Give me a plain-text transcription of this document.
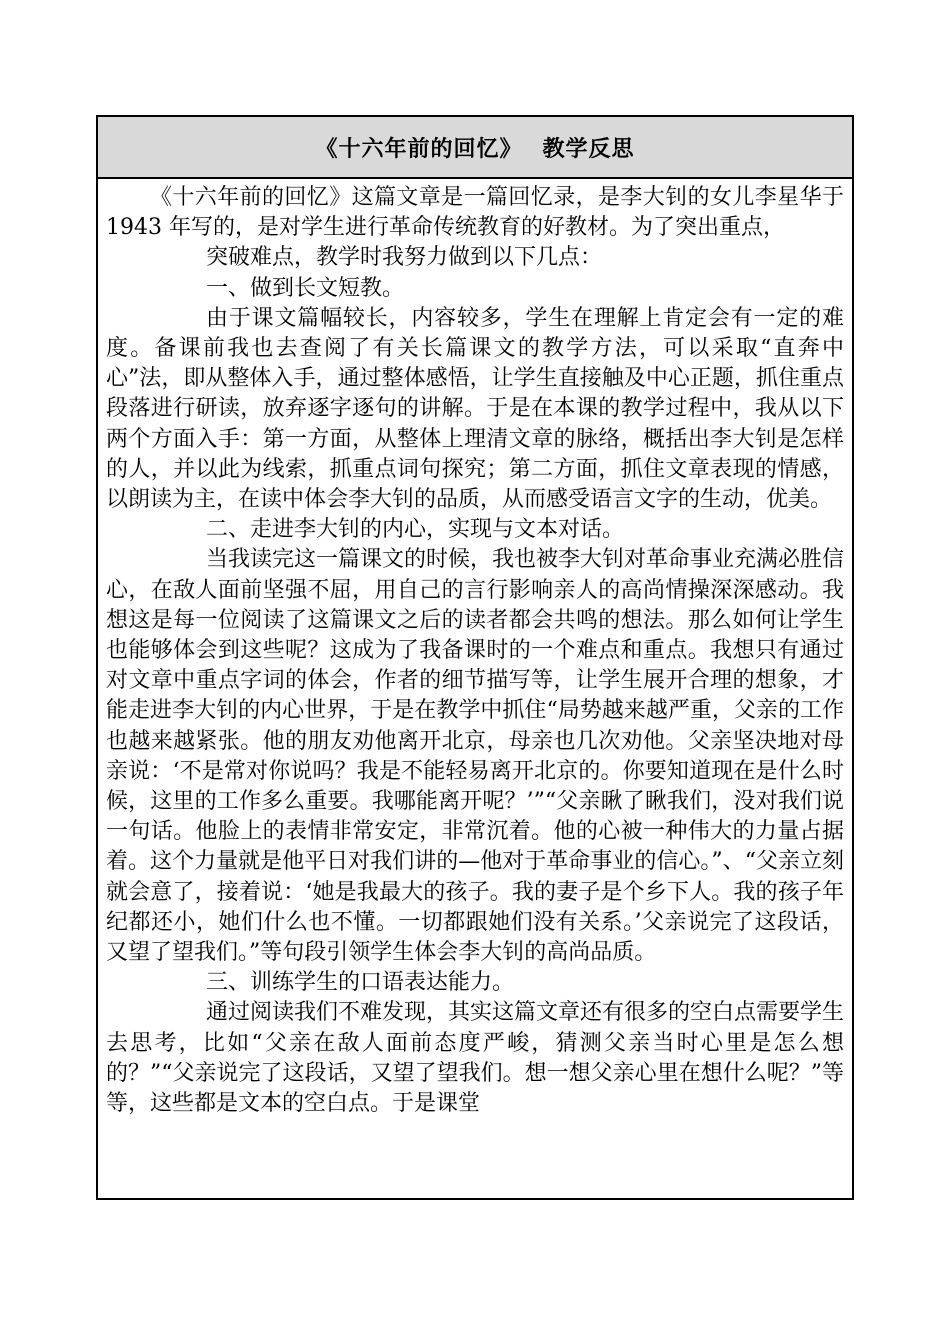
《十六年前的回忆》 教学反思

《十六年前的回忆》这篇文章是一篇回忆录，是李大钊的女儿李星华于 1943 年写的，是对学生进行革命传统教育的好教材。为了突出重点，

突破难点，教学时我努力做到以下几点：

一、做到长文短教。

由于课文篇幅较长，内容较多，学生在理解上肯定会有一定的难度。备课前我也去查阅了有关长篇课文的教学方法，可以采取“直奔中心”法，即从整体入手，通过整体感悟，让学生直接触及中心正题，抓住重点段落进行研读，放弃逐字逐句的讲解。于是在本课的教学过程中，我从以下两个方面入手：第一方面，从整体上理清文章的脉络，概括出李大钊是怎样的人，并以此为线索，抓重点词句探究；第二方面，抓住文章表现的情感，以朗读为主，在读中体会李大钊的品质，从而感受语言文字的生动，优美。

二、走进李大钊的内心，实现与文本对话。

当我读完这一篇课文的时候，我也被李大钊对革命事业充满必胜信心，在敌人面前坚强不屈，用自己的言行影响亲人的高尚情操深深感动。我想这是每一位阅读了这篇课文之后的读者都会共鸣的想法。那么如何让学生也能够体会到这些呢？这成为了我备课时的一个难点和重点。我想只有通过对文章中重点字词的体会，作者的细节描写等，让学生展开合理的想象，才能走进李大钊的内心世界，于是在教学中抓住“局势越来越严重，父亲的工作也越来越紧张。他的朋友劝他离开北京，母亲也几次劝他。父亲坚决地对母亲说：‘不是常对你说吗？我是不能轻易离开北京的。你要知道现在是什么时候，这里的工作多么重要。我哪能离开呢？’”“父亲瞅了瞅我们，没对我们说一句话。他脸上的表情非常安定，非常沉着。他的心被一种伟大的力量占据着。这个力量就是他平日对我们讲的—他对于革命事业的信心。”、“父亲立刻就会意了，接着说：‘她是我最大的孩子。我的妻子是个乡下人。我的孩子年纪都还小，她们什么也不懂。一切都跟她们没有关系。’父亲说完了这段话，又望了望我们。”等句段引领学生体会李大钊的高尚品质。

三、训练学生的口语表达能力。

通过阅读我们不难发现，其实这篇文章还有很多的空白点需要学生去思考，比如“父亲在敌人面前态度严峻，猜测父亲当时心里是怎么想的？”“父亲说完了这段话，又望了望我们。想一想父亲心里在想什么呢？”等等，这些都是文本的空白点。于是课堂
